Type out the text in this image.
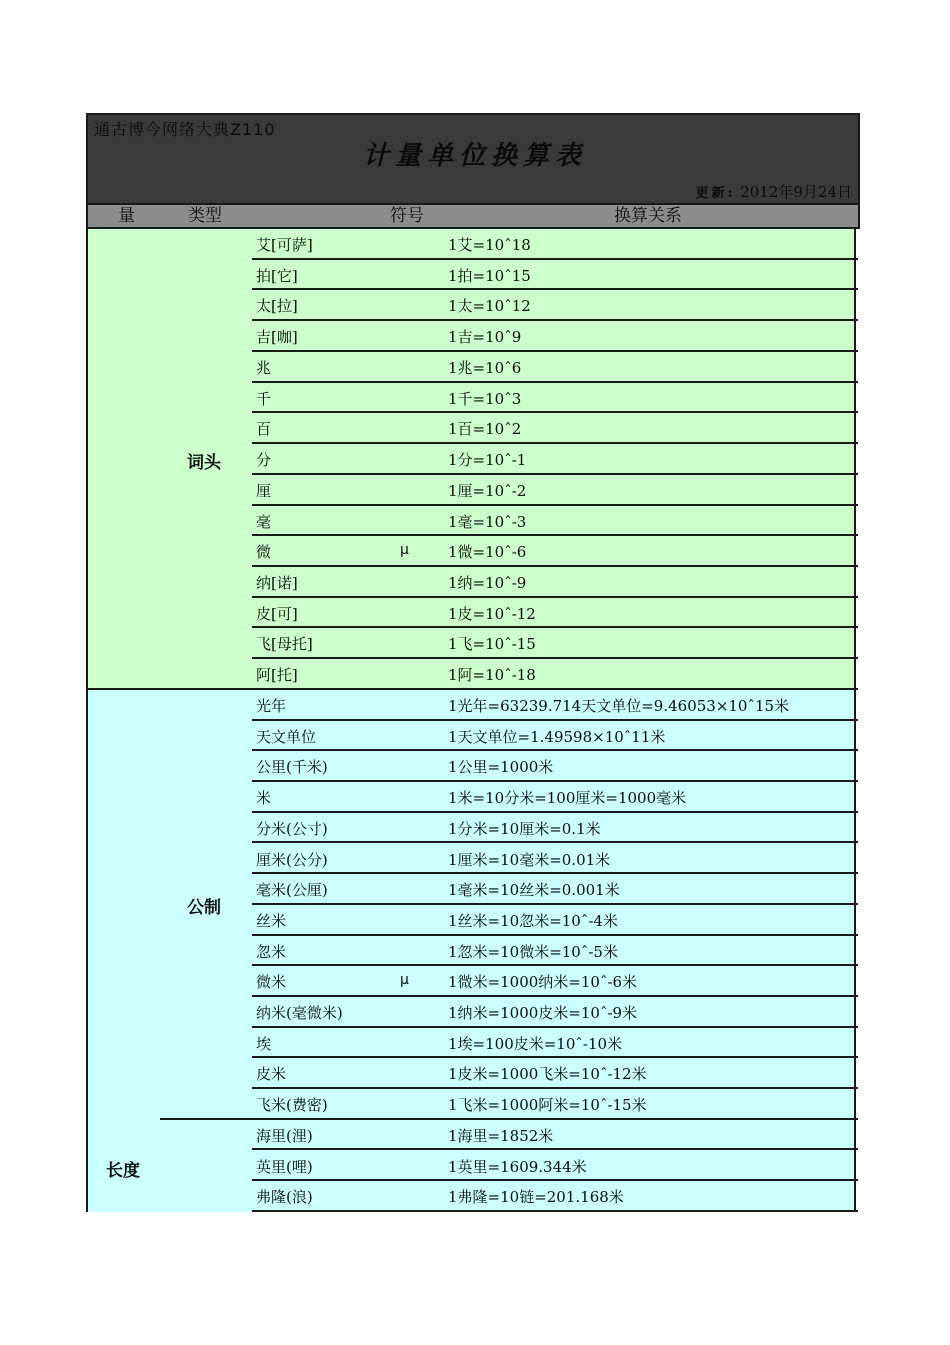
通古博今网络大典Z110
计量单位换算表
更新: 2012年9月24日
量	类型	符号	换算关系
词头
艾[可萨]	1艾=10ˆ18
拍[它]	1拍=10ˆ15
太[拉]	1太=10ˆ12
吉[咖]	1吉=10ˆ9
兆	1兆=10ˆ6
千	1千=10ˆ3
百	1百=10ˆ2
分	1分=10ˆ-1
厘	1厘=10ˆ-2
毫	1毫=10ˆ-3
微	μ	1微=10ˆ-6
纳[诺]	1纳=10ˆ-9
皮[可]	1皮=10ˆ-12
飞[母托]	1飞=10ˆ-15
阿[托]	1阿=10ˆ-18
公制
长度
光年	1光年=63239.714天文单位=9.46053×10ˆ15米
天文单位	1天文单位=1.49598×10ˆ11米
公里(千米)	1公里=1000米
米	1米=10分米=100厘米=1000毫米
分米(公寸)	1分米=10厘米=0.1米
厘米(公分)	1厘米=10毫米=0.01米
毫米(公厘)	1毫米=10丝米=0.001米
丝米	1丝米=10忽米=10ˆ-4米
忽米	1忽米=10微米=10ˆ-5米
微米	μ	1微米=1000纳米=10ˆ-6米
纳米(毫微米)	1纳米=1000皮米=10ˆ-9米
埃	1埃=100皮米=10ˆ-10米
皮米	1皮米=1000飞米=10ˆ-12米
飞米(费密)	1飞米=1000阿米=10ˆ-15米
海里(浬)	1海里=1852米
英里(哩)	1英里=1609.344米
弗隆(浪)	1弗隆=10链=201.168米
